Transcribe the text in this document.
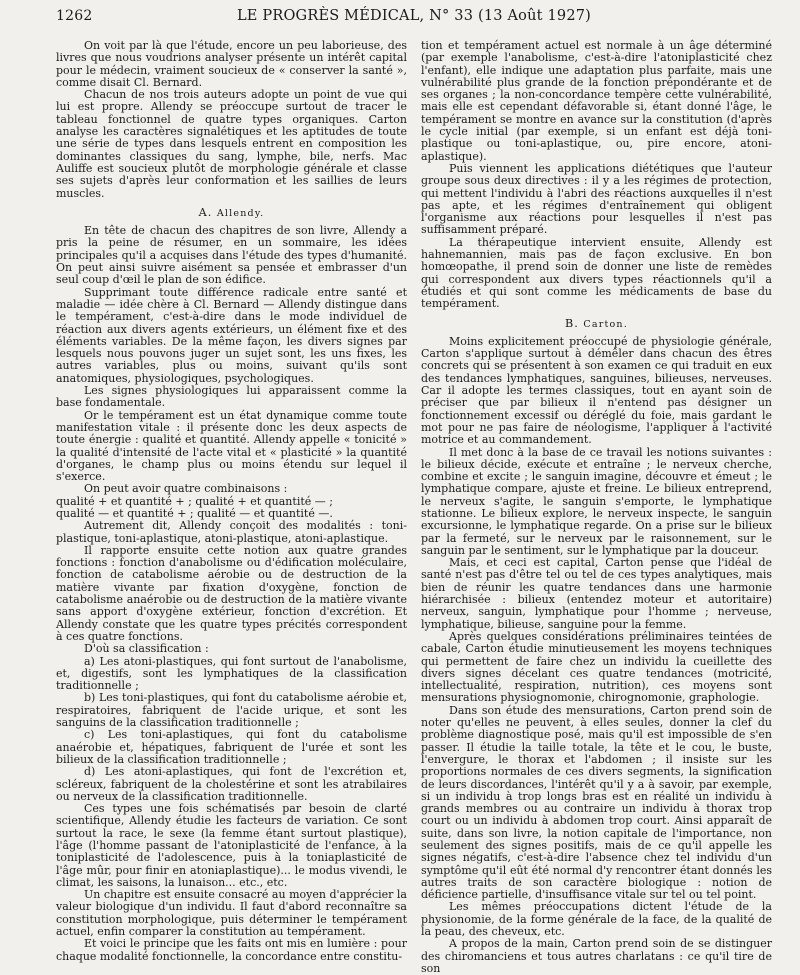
1262	LE PROGRÈS MÉDICAL, N° 33 (13 Août 1927)

On voit par là que l'étude, encore un peu laborieuse, des livres que nous voudrions analyser présente un intérêt capital pour le médecin, vraiment soucieux de « conserver la santé », comme disait Cl. Bernard.

Chacun de nos trois auteurs adopte un point de vue qui lui est propre. Allendy se préoccupe surtout de tracer le tableau fonctionnel de quatre types organiques. Carton analyse les caractères signalétiques et les aptitudes de toute une série de types dans lesquels entrent en composition les dominantes classiques du sang, lymphe, bile, nerfs. Mac Auliffe est soucieux plutôt de morphologie générale et classe ses sujets d'après leur conformation et les saillies de leurs muscles.

A. Allendy.

En tête de chacun des chapitres de son livre, Allendy a pris la peine de résumer, en un sommaire, les idées principales qu'il a acquises dans l'étude des types d'humanité. On peut ainsi suivre aisément sa pensée et embrasser d'un seul coup d'œil le plan de son édifice.

Supprimant toute différence radicale entre santé et maladie — idée chère à Cl. Bernard — Allendy distingue dans le tempérament, c'est-à-dire dans le mode individuel de réaction aux divers agents extérieurs, un élément fixe et des éléments variables. De la même façon, les divers signes par lesquels nous pouvons juger un sujet sont, les uns fixes, les autres variables, plus ou moins, suivant qu'ils sont anatomiques, physiologiques, psychologiques.

Les signes physiologiques lui apparaissent comme la base fondamentale.

Or le tempérament est un état dynamique comme toute manifestation vitale : il présente donc les deux aspects de toute énergie : qualité et quantité. Allendy appelle « tonicité » la qualité d'intensité de l'acte vital et « plasticité » la quantité d'organes, le champ plus ou moins étendu sur lequel il s'exerce.

On peut avoir quatre combinaisons :

qualité + et quantité + ; qualité + et quantité — ;

qualité — et quantité + ; qualité — et quantité —.

Autrement dit, Allendy conçoit des modalités : toni-plastique, toni-aplastique, atoni-plastique, atoni-aplastique.

Il rapporte ensuite cette notion aux quatre grandes fonctions : fonction d'anabolisme ou d'édification moléculaire, fonction de catabolisme aérobie ou de destruction de la matière vivante par fixation d'oxygène, fonction de catabolisme anaérobie ou de destruction de la matière vivante sans apport d'oxygène extérieur, fonction d'excrétion. Et Allendy constate que les quatre types précités correspondent à ces quatre fonctions.

D'où sa classification :

a) Les atoni-plastiques, qui font surtout de l'anabolisme, et, digestifs, sont les lymphatiques de la classification traditionnelle ;

b) Les toni-plastiques, qui font du catabolisme aérobie et, respiratoires, fabriquent de l'acide urique, et sont les sanguins de la classification traditionnelle ;

c) Les toni-aplastiques, qui font du catabolisme anaérobie et, hépatiques, fabriquent de l'urée et sont les bilieux de la classification traditionnelle ;

d) Les atoni-aplastiques, qui font de l'excrétion et, scléreux, fabriquent de la cholestérine et sont les atrabilaires ou nerveux de la classification traditionnelle.

Ces types une fois schématisés par besoin de clarté scientifique, Allendy étudie les facteurs de variation. Ce sont surtout la race, le sexe (la femme étant surtout plastique), l'âge (l'homme passant de l'atoniplasticité de l'enfance, à la toniplasticité de l'adolescence, puis à la toniaplasticité de l'âge mûr, pour finir en atoniaplastique)... le modus vivendi, le climat, les saisons, la lunaison... etc., etc.

Un chapitre est ensuite consacré au moyen d'apprécier la valeur biologique d'un individu. Il faut d'abord reconnaître sa constitution morphologique, puis déterminer le tempérament actuel, enfin comparer la constitution au tempérament.

Et voici le principe que les faits ont mis en lumière : pour chaque modalité fonctionnelle, la concordance entre constitu-

tion et tempérament actuel est normale à un âge déterminé (par exemple l'anabolisme, c'est-à-dire l'atoniplasticité chez l'enfant), elle indique une adaptation plus parfaite, mais une vulnérabilité plus grande de la fonction prépondérante et de ses organes ; la non-concordance tempère cette vulnérabilité, mais elle est cependant défavorable si, étant donné l'âge, le tempérament se montre en avance sur la constitution (d'après le cycle initial (par exemple, si un enfant est déjà toni-plastique ou toni-aplastique, ou, pire encore, atoni-aplastique).

Puis viennent les applications diététiques que l'auteur groupe sous deux directives : il y a les régimes de protection, qui mettent l'individu à l'abri des réactions auxquelles il n'est pas apte, et les régimes d'entraînement qui obligent l'organisme aux réactions pour lesquelles il n'est pas suffisamment préparé.

La thérapeutique intervient ensuite, Allendy est hahnemannien, mais pas de façon exclusive. En bon homœopathe, il prend soin de donner une liste de remèdes qui correspondent aux divers types réactionnels qu'il a étudiés et qui sont comme les médicaments de base du tempérament.

B. Carton.

Moins explicitement préoccupé de physiologie générale, Carton s'applique surtout à démêler dans chacun des êtres concrets qui se présentent à son examen ce qui traduit en eux des tendances lymphatiques, sanguines, bilieuses, nerveuses. Car il adopte les termes classiques, tout en ayant soin de préciser que par bilieux il n'entend pas désigner un fonctionnement excessif ou déréglé du foie, mais gardant le mot pour ne pas faire de néologisme, l'appliquer à l'activité motrice et au commandement.

Il met donc à la base de ce travail les notions suivantes : le bilieux décide, exécute et entraîne ; le nerveux cherche, combine et excite ; le sanguin imagine, découvre et émeut ; le lymphatique compare, ajuste et freine. Le bilieux entreprend, le nerveux s'agite, le sanguin s'emporte, le lymphatique stationne. Le bilieux explore, le nerveux inspecte, le sanguin excursionne, le lymphatique regarde. On a prise sur le bilieux par la fermeté, sur le nerveux par le raisonnement, sur le sanguin par le sentiment, sur le lymphatique par la douceur.

Mais, et ceci est capital, Carton pense que l'idéal de santé n'est pas d'être tel ou tel de ces types analytiques, mais bien de réunir les quatre tendances dans une harmonie hiérarchisée : bilieux (entendez moteur et autoritaire) nerveux, sanguin, lymphatique pour l'homme ; nerveuse, lymphatique, bilieuse, sanguine pour la femme.

Après quelques considérations préliminaires teintées de cabale, Carton étudie minutieusement les moyens techniques qui permettent de faire chez un individu la cueillette des divers signes décelant ces quatre tendances (motricité, intellectualité, respiration, nutrition), ces moyens sont mensurations physiognomonie, chirognomonie, graphologie.

Dans son étude des mensurations, Carton prend soin de noter qu'elles ne peuvent, à elles seules, donner la clef du problème diagnostique posé, mais qu'il est impossible de s'en passer. Il étudie la taille totale, la tête et le cou, le buste, l'envergure, le thorax et l'abdomen ; il insiste sur les proportions normales de ces divers segments, la signification de leurs discordances, l'intérêt qu'il y a à savoir, par exemple, si un individu à trop longs bras est en réalité un individu à grands membres ou au contraire un individu à thorax trop court ou un individu à abdomen trop court. Ainsi apparaît de suite, dans son livre, la notion capitale de l'importance, non seulement des signes positifs, mais de ce qu'il appelle les signes négatifs, c'est-à-dire l'absence chez tel individu d'un symptôme qu'il eût été normal d'y rencontrer étant donnés les autres traits de son caractère biologique : notion de déficience partielle, d'insuffisance vitale sur tel ou tel point.

Les mêmes préoccupations dictent l'étude de la physionomie, de la forme générale de la face, de la qualité de la peau, des cheveux, etc.

A propos de la main, Carton prend soin de se distinguer des chiromanciens et tous autres charlatans : ce qu'il tire de son
